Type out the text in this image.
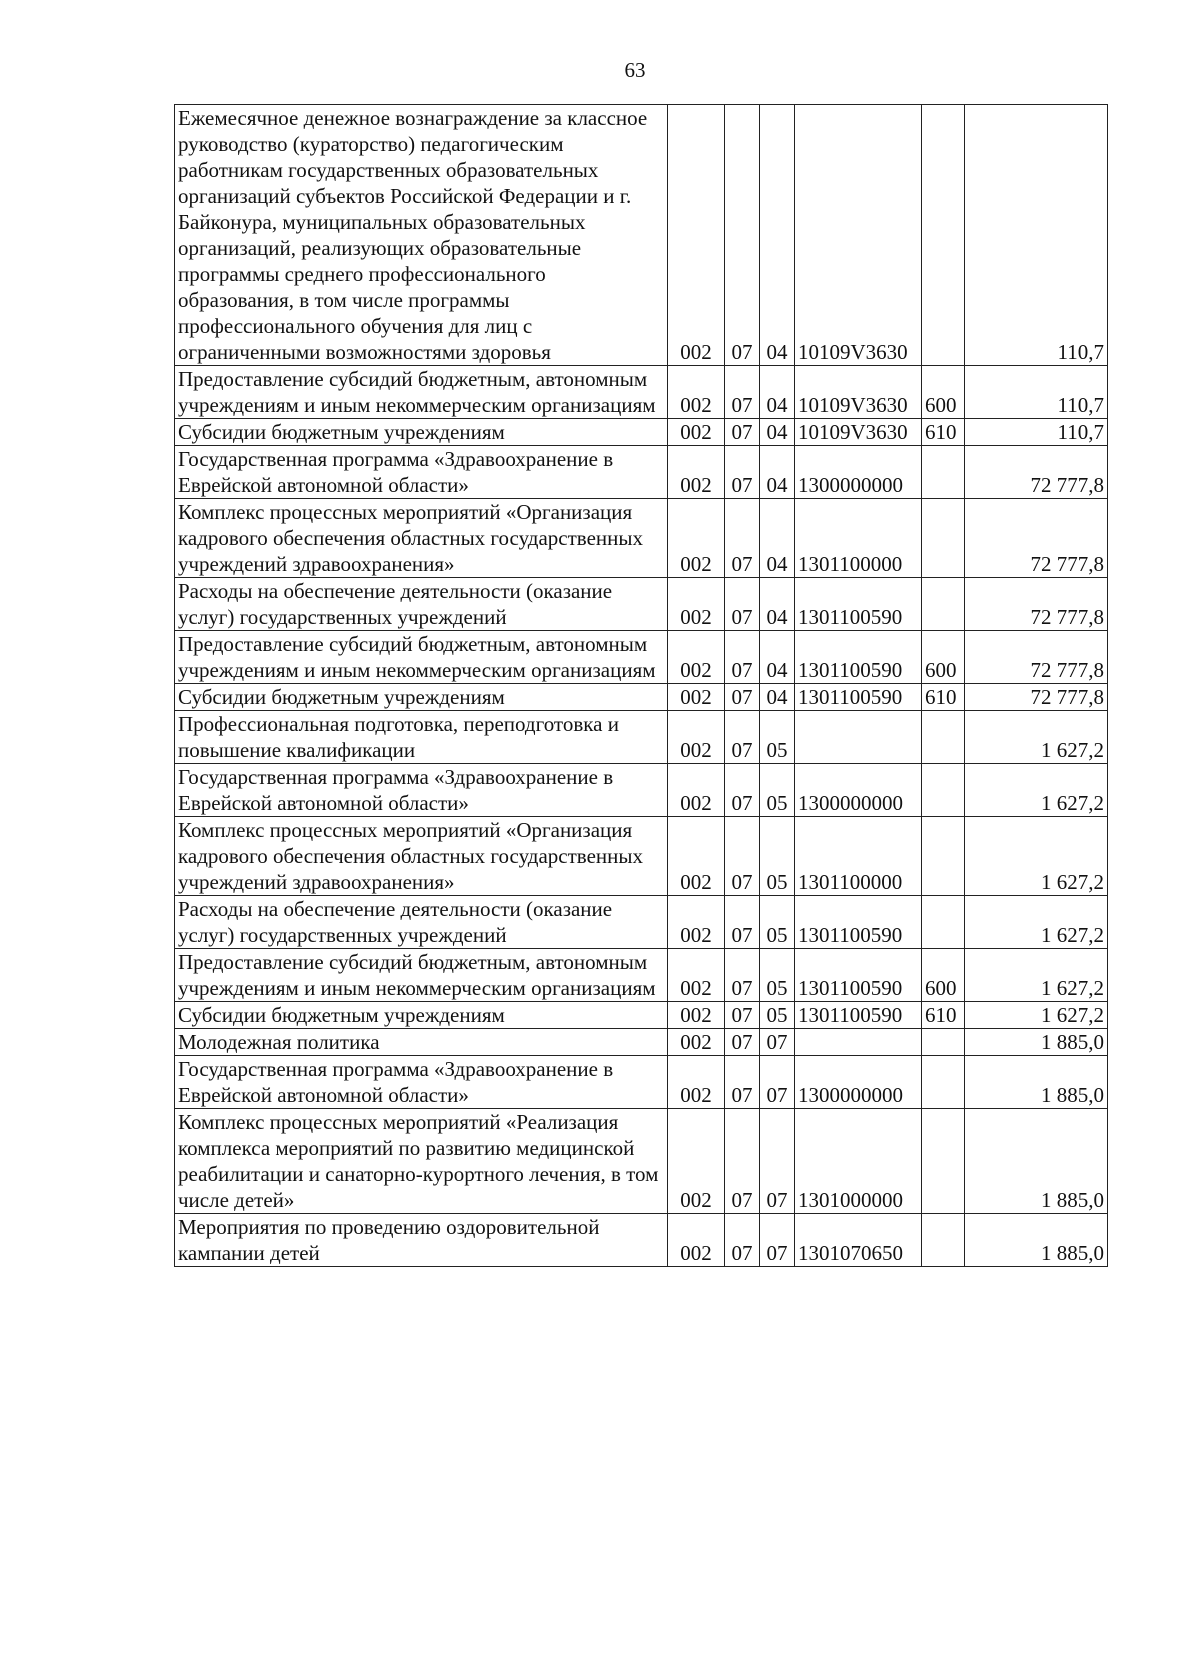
63
Ежемесячное денежное вознаграждение за классное руководство (кураторство) педагогическим работникам государственных образовательных организаций субъектов Российской Федерации и г. Байконура, муниципальных образовательных организаций, реализующих образовательные программы среднего профессионального образования, в том числе программы профессионального обучения для лиц с ограниченными возможностями здоровья	002	07	04	10109V3630		110,7
Предоставление субсидий бюджетным, автономным учреждениям и иным некоммерческим организациям	002	07	04	10109V3630	600	110,7
Субсидии бюджетным учреждениям	002	07	04	10109V3630	610	110,7
Государственная программа «Здравоохранение в Еврейской автономной области»	002	07	04	1300000000		72 777,8
Комплекс процессных мероприятий «Организация кадрового обеспечения областных государственных учреждений здравоохранения»	002	07	04	1301100000		72 777,8
Расходы на обеспечение деятельности (оказание услуг) государственных учреждений	002	07	04	1301100590		72 777,8
Предоставление субсидий бюджетным, автономным учреждениям и иным некоммерческим организациям	002	07	04	1301100590	600	72 777,8
Субсидии бюджетным учреждениям	002	07	04	1301100590	610	72 777,8
Профессиональная подготовка, переподготовка и повышение квалификации	002	07	05			1 627,2
Государственная программа «Здравоохранение в Еврейской автономной области»	002	07	05	1300000000		1 627,2
Комплекс процессных мероприятий «Организация кадрового обеспечения областных государственных учреждений здравоохранения»	002	07	05	1301100000		1 627,2
Расходы на обеспечение деятельности (оказание услуг) государственных учреждений	002	07	05	1301100590		1 627,2
Предоставление субсидий бюджетным, автономным учреждениям и иным некоммерческим организациям	002	07	05	1301100590	600	1 627,2
Субсидии бюджетным учреждениям	002	07	05	1301100590	610	1 627,2
Молодежная политика	002	07	07			1 885,0
Государственная программа «Здравоохранение в Еврейской автономной области»	002	07	07	1300000000		1 885,0
Комплекс процессных мероприятий «Реализация комплекса мероприятий по развитию медицинской реабилитации и санаторно-курортного лечения, в том числе детей»	002	07	07	1301000000		1 885,0
Мероприятия по проведению оздоровительной кампании детей	002	07	07	1301070650		1 885,0
